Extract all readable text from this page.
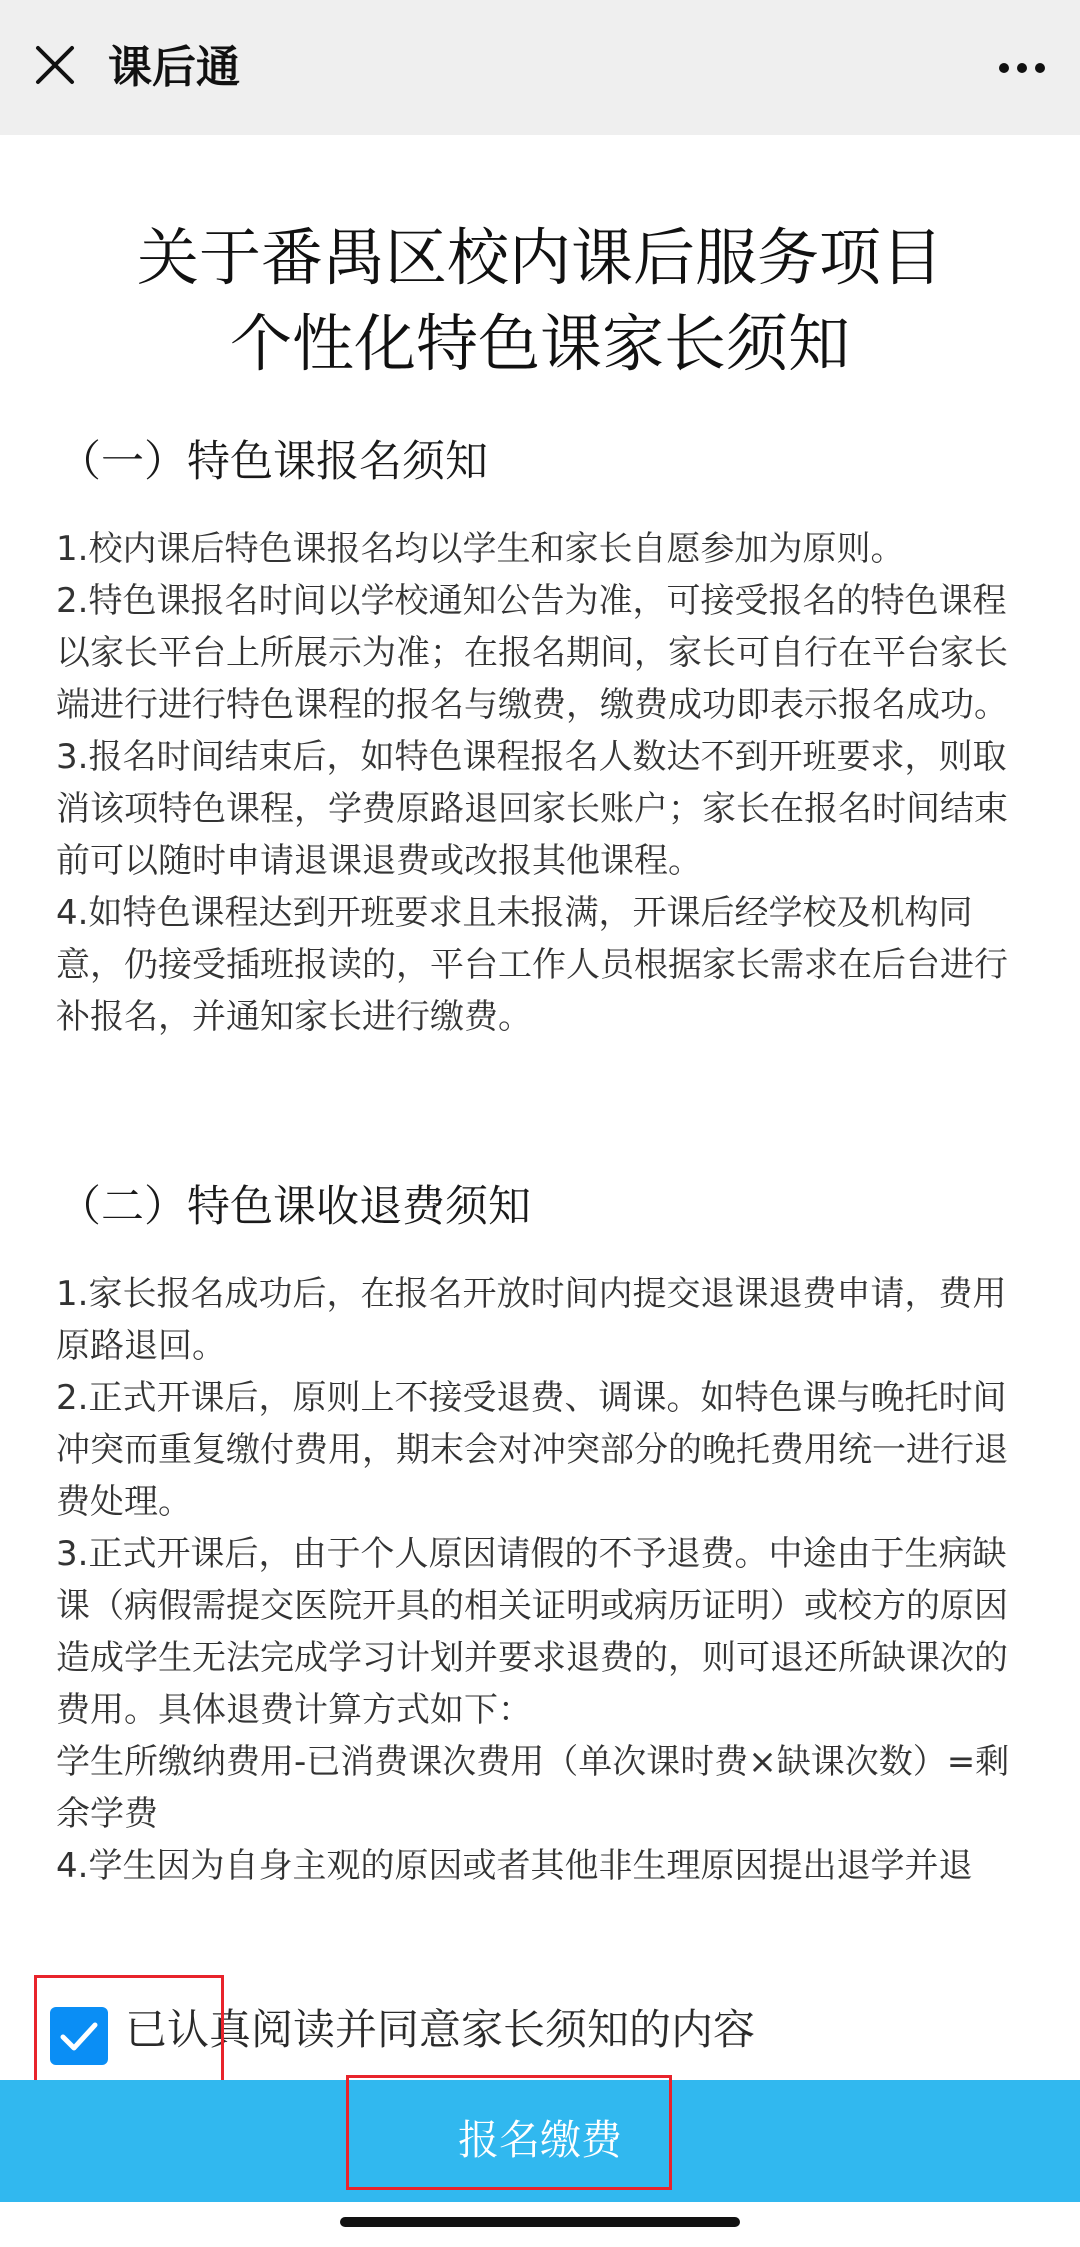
课后通
关于番禺区校内课后服务项目
个性化特色课家长须知
（一）特色课报名须知

1.校内课后特色课报名均以学生和家长自愿参加为原则。

2.特色课报名时间以学校通知公告为准，可接受报名的特色课程以家长平台上所展示为准；在报名期间，家长可自行在平台家长端进行进行特色课程的报名与缴费，缴费成功即表示报名成功。

3.报名时间结束后，如特色课程报名人数达不到开班要求，则取消该项特色课程，学费原路退回家长账户；家长在报名时间结束前可以随时申请退课退费或改报其他课程。

4.如特色课程达到开班要求且未报满，开课后经学校及机构同意，仍接受插班报读的，平台工作人员根据家长需求在后台进行补报名，并通知家长进行缴费。

（二）特色课收退费须知

1.家长报名成功后，在报名开放时间内提交退课退费申请，费用原路退回。

2.正式开课后，原则上不接受退费、调课。如特色课与晚托时间冲突而重复缴付费用，期末会对冲突部分的晚托费用统一进行退费处理。

3.正式开课后，由于个人原因请假的不予退费。中途由于生病缺课（病假需提交医院开具的相关证明或病历证明）或校方的原因造成学生无法完成学习计划并要求退费的，则可退还所缺课次的费用。具体退费计算方式如下：

学生所缴纳费用-已消费课次费用（单次课时费×缺课次数）=剩余学费

4.学生因为自身主观的原因或者其他非生理原因提出退学并退

已认真阅读并同意家长须知的内容
报名缴费
